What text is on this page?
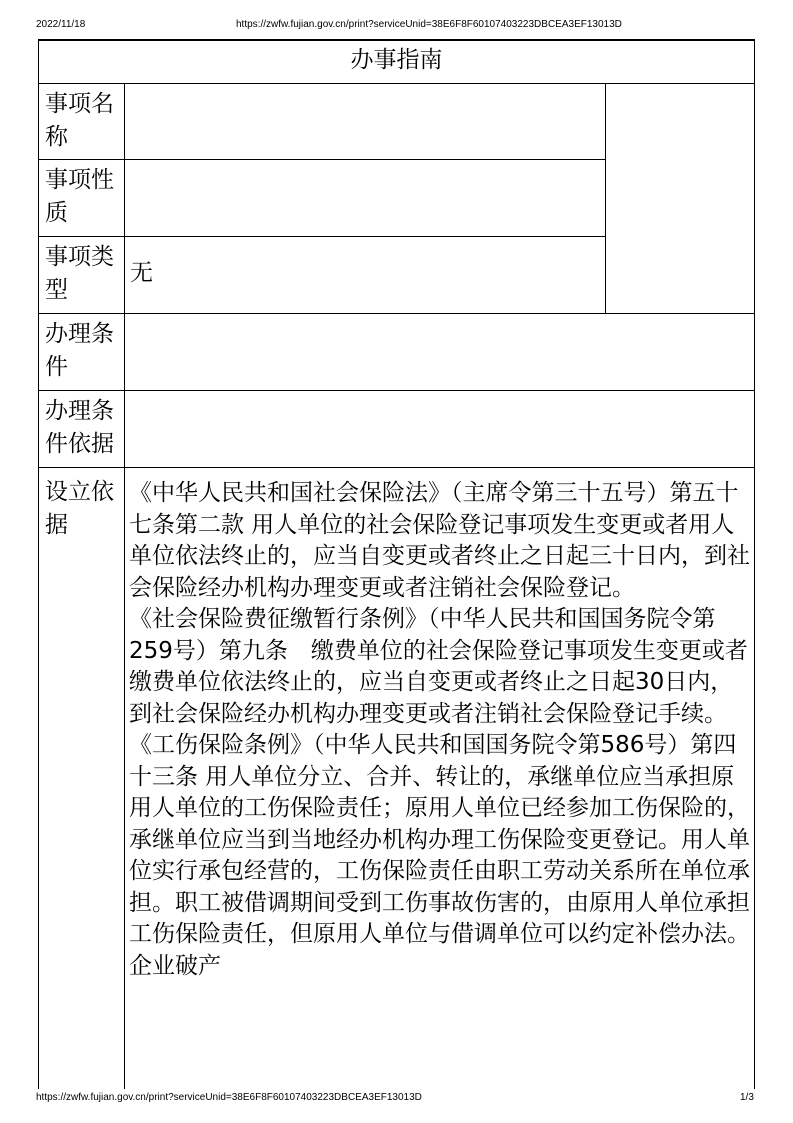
2022/11/18	https://zwfw.fujian.gov.cn/print?serviceUnid=38E6F8F60107403223DBCEA3EF13013D
办事指南
事项名称
事项性质
事项类型
无
办理条件
办理条件依据
设立依据

《中华人民共和国社会保险法》（主席令第三十五号）第五十七条第二款 用人单位的社会保险登记事项发生变更或者用人单位依法终止的，应当自变更或者终止之日起三十日内，到社会保险经办机构办理变更或者注销社会保险登记。

《社会保险费征缴暂行条例》（中华人民共和国国务院令第259号）第九条　缴费单位的社会保险登记事项发生变更或者缴费单位依法终止的，应当自变更或者终止之日起30日内，到社会保险经办机构办理变更或者注销社会保险登记手续。

《工伤保险条例》（中华人民共和国国务院令第586号）第四十三条 用人单位分立、合并、转让的，承继单位应当承担原用人单位的工伤保险责任；原用人单位已经参加工伤保险的，承继单位应当到当地经办机构办理工伤保险变更登记。用人单位实行承包经营的，工伤保险责任由职工劳动关系所在单位承担。职工被借调期间受到工伤事故伤害的，由原用人单位承担工伤保险责任，但原用人单位与借调单位可以约定补偿办法。企业破产

https://zwfw.fujian.gov.cn/print?serviceUnid=38E6F8F60107403223DBCEA3EF13013D	1/3
